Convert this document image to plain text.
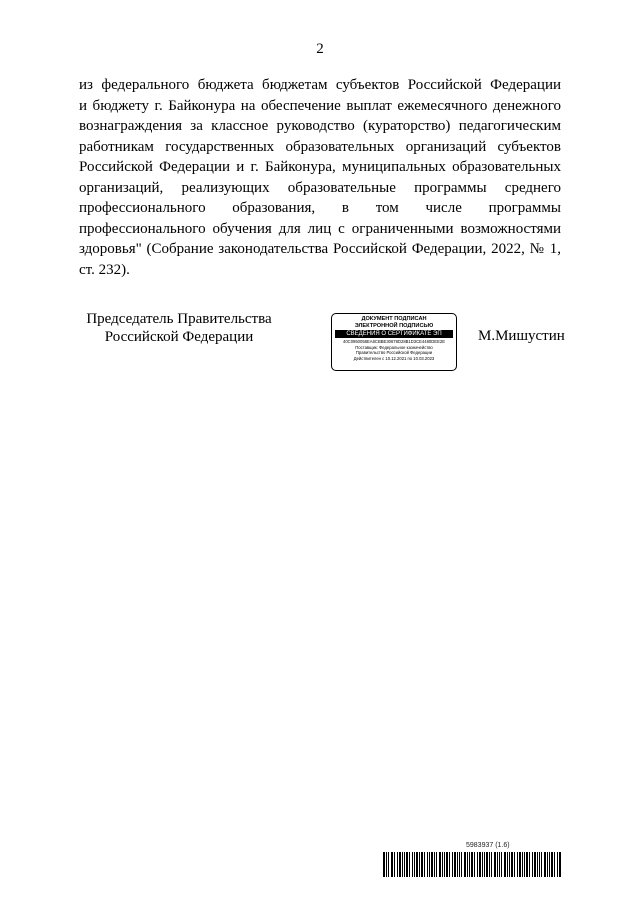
2
из федерального бюджета бюджетам субъектов Российской Федерации
и бюджету г. Байконура на обеспечение выплат ежемесячного денежного
вознаграждения за классное руководство (кураторство) педагогическим
работникам государственных образовательных организаций субъектов
Российской Федерации и г. Байконура, муниципальных образовательных
организаций, реализующих образовательные программы среднего
профессионального образования, в том числе программы
профессионального обучения для лиц с ограниченными возможностями
здоровья" (Собрание законодательства Российской Федерации, 2022, № 1,
ст. 232).
Председатель Правительства
Российской Федерации
ДОКУМЕНТ ПОДПИСАН
ЭЛЕКТРОННОЙ ПОДПИСЬЮ
СВЕДЕНИЯ О СЕРТИФИКАТЕ ЭП
40C0950058EA6CBBE30678D28B1D3CE4480DEE2E
Поставщик: Федеральное казначейство
Правительство Российской Федерации
Действителен с 10.12.2021 по 10.03.2023
М.Мишустин
5983937 (1.6)
